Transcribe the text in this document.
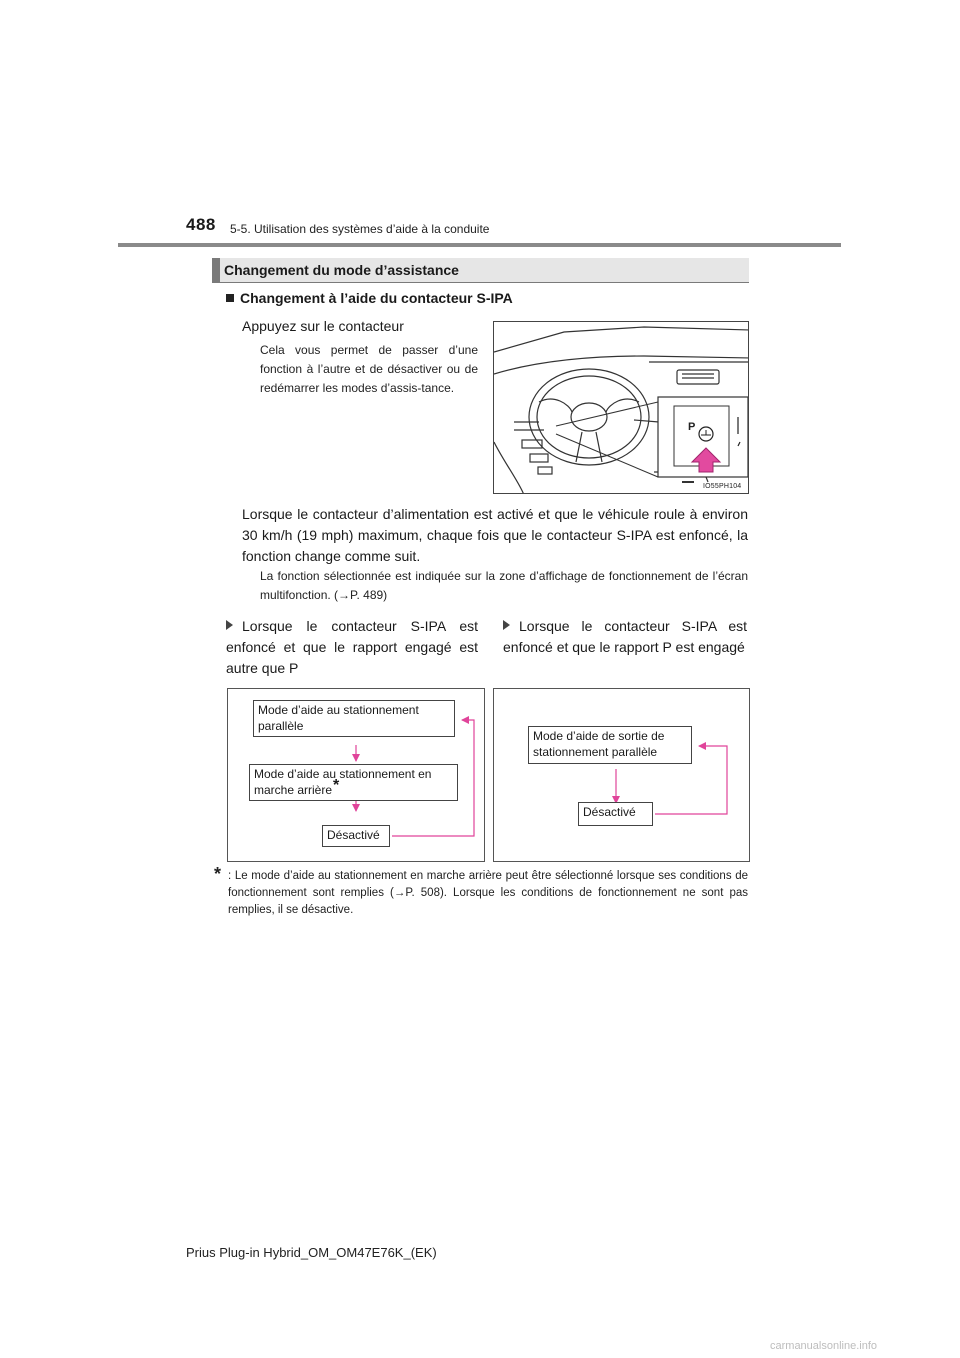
488 5-5. Utilisation des systèmes d’aide à la conduite
Changement du mode d’assistance
Changement à l’aide du contacteur S-IPA
Appuyez sur le contacteur
Cela vous permet de passer d’une fonction à l’autre et de désactiver ou de redémarrer les modes d’assis-tance.
P
IO55PH104
Lorsque le contacteur d’alimentation est activé et que le véhicule roule à environ 30 km/h (19 mph) maximum, chaque fois que le contacteur S-IPA est enfoncé, la fonction change comme suit.
La fonction sélectionnée est indiquée sur la zone d’affichage de fonctionnement de l’écran multifonction. (→P. 489)
Lorsque le contacteur S-IPA est enfoncé et que le rapport engagé est autre que P
Lorsque le contacteur S-IPA est enfoncé et que le rapport P est engagé
Mode d’aide au stationnement parallèle
Mode d’aide au stationnement en marche arrière*
Désactivé
Mode d’aide de sortie de stationnement parallèle
Désactivé
* : Le mode d’aide au stationnement en marche arrière peut être sélectionné lorsque ses conditions de fonctionnement sont remplies (→P. 508). Lorsque les conditions de fonctionnement ne sont pas remplies, il se désactive.
Prius Plug-in Hybrid_OM_OM47E76K_(EK)
carmanualsonline.info
